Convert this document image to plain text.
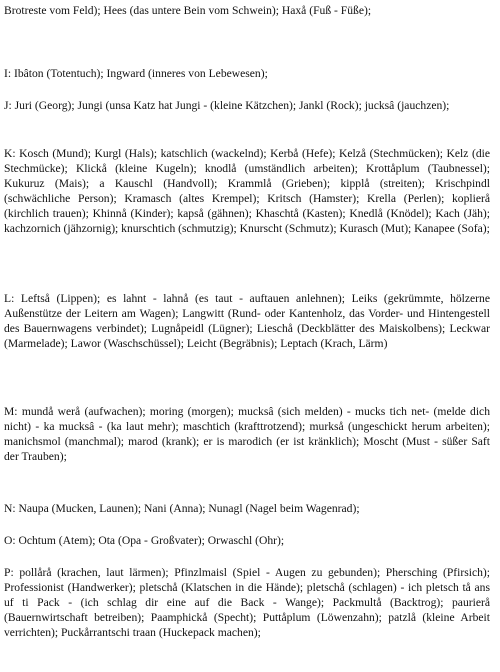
Brotreste vom Feld); Hees (das untere Bein vom Schwein); Haxå (Fuß - Füße);

I: Ibâton (Totentuch); Ingward (inneres von Lebewesen);

J: Juri (Georg); Jungi (unsa Katz hat Jungi - (kleine Kätzchen); Jankl (Rock); jucksâ (jauchzen);

K: Kosch (Mund); Kurgl (Hals); katschlich (wackelnd); Kerbå (Hefe); Kelzå (Stechmücken); Kelz (die Stechmücke); Klickå (kleine Kugeln); knodlå (umständlich arbeiten); Krottåplum (Taubnessel); Kukuruz (Mais); a Kauschl (Handvoll); Krammlå (Grieben); kipplå (streiten); Krischpindl (schwächliche Person); Kramasch (altes Krempel); Kritsch (Hamster); Krella (Perlen); koplierå (kirchlich trauen); Khinnå (Kinder); kapså (gähnen); Khaschtå (Kasten); Knedlå (Knödel); Kach (Jäh); kachzornich (jähzornig); knurschtich (schmutzig); Knurscht (Schmutz); Kurasch (Mut); Kanapee (Sofa);

L: Leftså (Lippen); es lahnt - lahnå (es taut - auftauen anlehnen); Leiks (gekrümmte, hölzerne Außenstütze der Leitern am Wagen); Langwitt (Rund- oder Kantenholz, das Vorder- und Hintengestell des Bauernwagens verbindet); Lugnåpeidl (Lügner); Lieschå (Deckblätter des Maiskolbens); Leckwar (Marmelade); Lawor (Waschschüssel); Leicht (Begräbnis); Leptach (Krach, Lärm)

M: mundå werå (aufwachen); moring (morgen); mucksâ (sich melden) - mucks tich net- (melde dich nicht) - ka mucksâ - (ka laut mehr); maschtich (krafttrotzend); murkså (ungeschickt herum arbeiten); manichsmol (manchmal); marod (krank); er is marodich (er ist kränklich); Moscht (Must - süßer Saft der Trauben);

N: Naupa (Mucken, Launen); Nani (Anna); Nunagl (Nagel beim Wagenrad);

O: Ochtum (Atem); Ota (Opa - Großvater); Orwaschl (Ohr);

P: pollårå (krachen, laut lärmen); Pfinzlmaisl (Spiel - Augen zu gebunden); Phersching (Pfirsich); Professionist (Handwerker); pletschå (Klatschen in die Hände); pletschå (schlagen) - ich pletsch tå ans uf ti Pack - (ich schlag dir eine auf die Back - Wange); Packmultå (Backtrog); paurierå (Bauernwirtschaft betreiben); Paamphickå (Specht); Puttåplum (Löwenzahn); patzlå (kleine Arbeit verrichten); Puckårrantschi traan (Huckepack machen);
